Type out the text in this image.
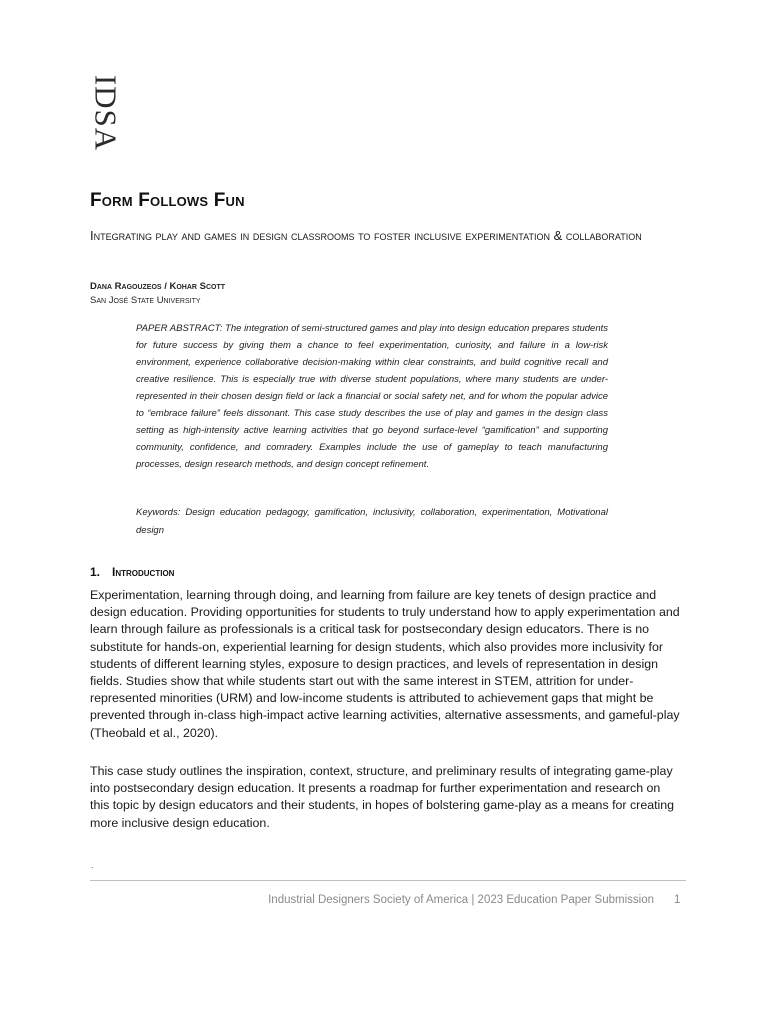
IDSA
Form Follows Fun

Integrating play and games in design classrooms to foster inclusive experimentation & collaboration

Dana Ragouzeos / Kohar Scott
San José State University

PAPER ABSTRACT: The integration of semi-structured games and play into design education prepares students for future success by giving them a chance to feel experimentation, curiosity, and failure in a low-risk environment, experience collaborative decision-making within clear constraints, and build cognitive recall and creative resilience. This is especially true with diverse student populations, where many students are under-represented in their chosen design field or lack a financial or social safety net, and for whom the popular advice to “embrace failure” feels dissonant. This case study describes the use of play and games in the design class setting as high-intensity active learning activities that go beyond surface-level “gamification” and supporting community, confidence, and comradery. Examples include the use of gameplay to teach manufacturing processes, design research methods, and design concept refinement.

Keywords: Design education pedagogy, gamification, inclusivity, collaboration, experimentation, Motivational design

1. Introduction

Experimentation, learning through doing, and learning from failure are key tenets of design practice and design education. Providing opportunities for students to truly understand how to apply experimentation and learn through failure as professionals is a critical task for postsecondary design educators. There is no substitute for hands-on, experiential learning for design students, which also provides more inclusivity for students of different learning styles, exposure to design practices, and levels of representation in design fields. Studies show that while students start out with the same interest in STEM, attrition for under-represented minorities (URM) and low-income students is attributed to achievement gaps that might be prevented through in-class high-impact active learning activities, alternative assessments, and gameful-play (Theobald et al., 2020).

This case study outlines the inspiration, context, structure, and preliminary results of integrating game-play into postsecondary design education. It presents a roadmap for further experimentation and research on this topic by design educators and their students, in hopes of bolstering game-play as a means for creating more inclusive design education.

.
Industrial Designers Society of America | 2023 Education Paper Submission 1
